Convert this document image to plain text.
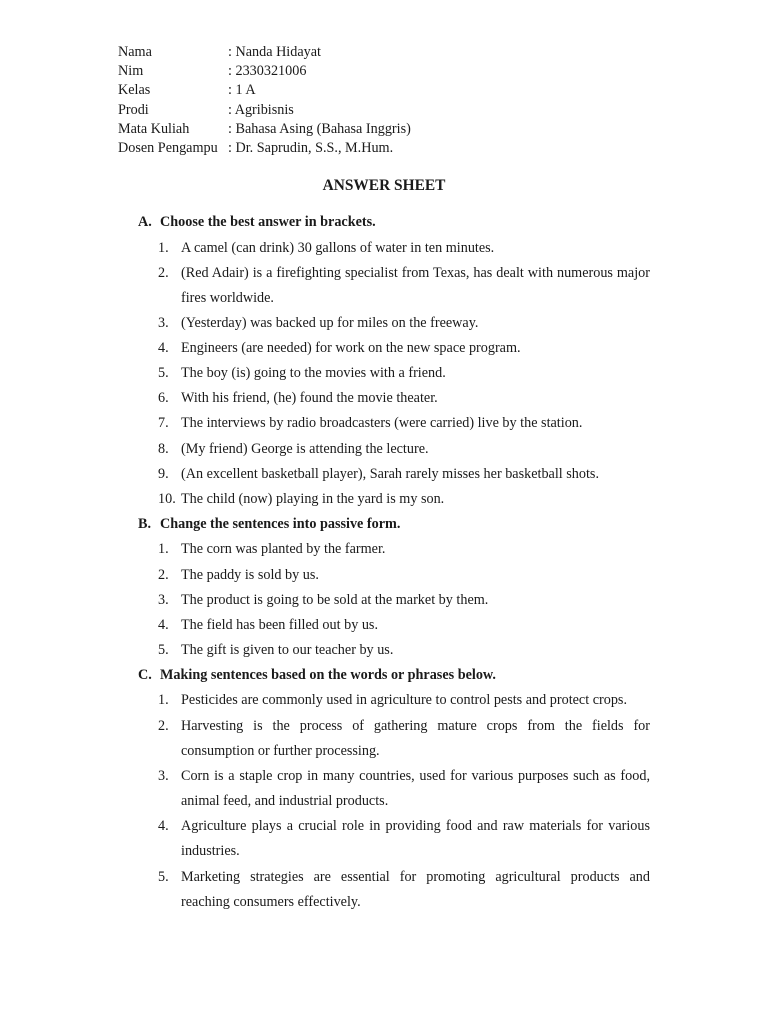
Nama	: Nanda Hidayat
Nim	: 2330321006
Kelas	: 1 A
Prodi	: Agribisnis
Mata Kuliah	: Bahasa Asing (Bahasa Inggris)
Dosen Pengampu : Dr. Saprudin, S.S., M.Hum.
ANSWER SHEET
A. Choose the best answer in brackets.
1. A camel (can drink) 30 gallons of water in ten minutes.
2. (Red Adair) is a firefighting specialist from Texas, has dealt with numerous major fires worldwide.
3. (Yesterday) was backed up for miles on the freeway.
4. Engineers (are needed) for work on the new space program.
5. The boy (is) going to the movies with a friend.
6. With his friend, (he) found the movie theater.
7. The interviews by radio broadcasters (were carried) live by the station.
8. (My friend) George is attending the lecture.
9. (An excellent basketball player), Sarah rarely misses her basketball shots.
10. The child (now) playing in the yard is my son.
B. Change the sentences into passive form.
1. The corn was planted by the farmer.
2. The paddy is sold by us.
3. The product is going to be sold at the market by them.
4. The field has been filled out by us.
5. The gift is given to our teacher by us.
C. Making sentences based on the words or phrases below.
1. Pesticides are commonly used in agriculture to control pests and protect crops.
2. Harvesting is the process of gathering mature crops from the fields for consumption or further processing.
3. Corn is a staple crop in many countries, used for various purposes such as food, animal feed, and industrial products.
4. Agriculture plays a crucial role in providing food and raw materials for various industries.
5. Marketing strategies are essential for promoting agricultural products and reaching consumers effectively.
